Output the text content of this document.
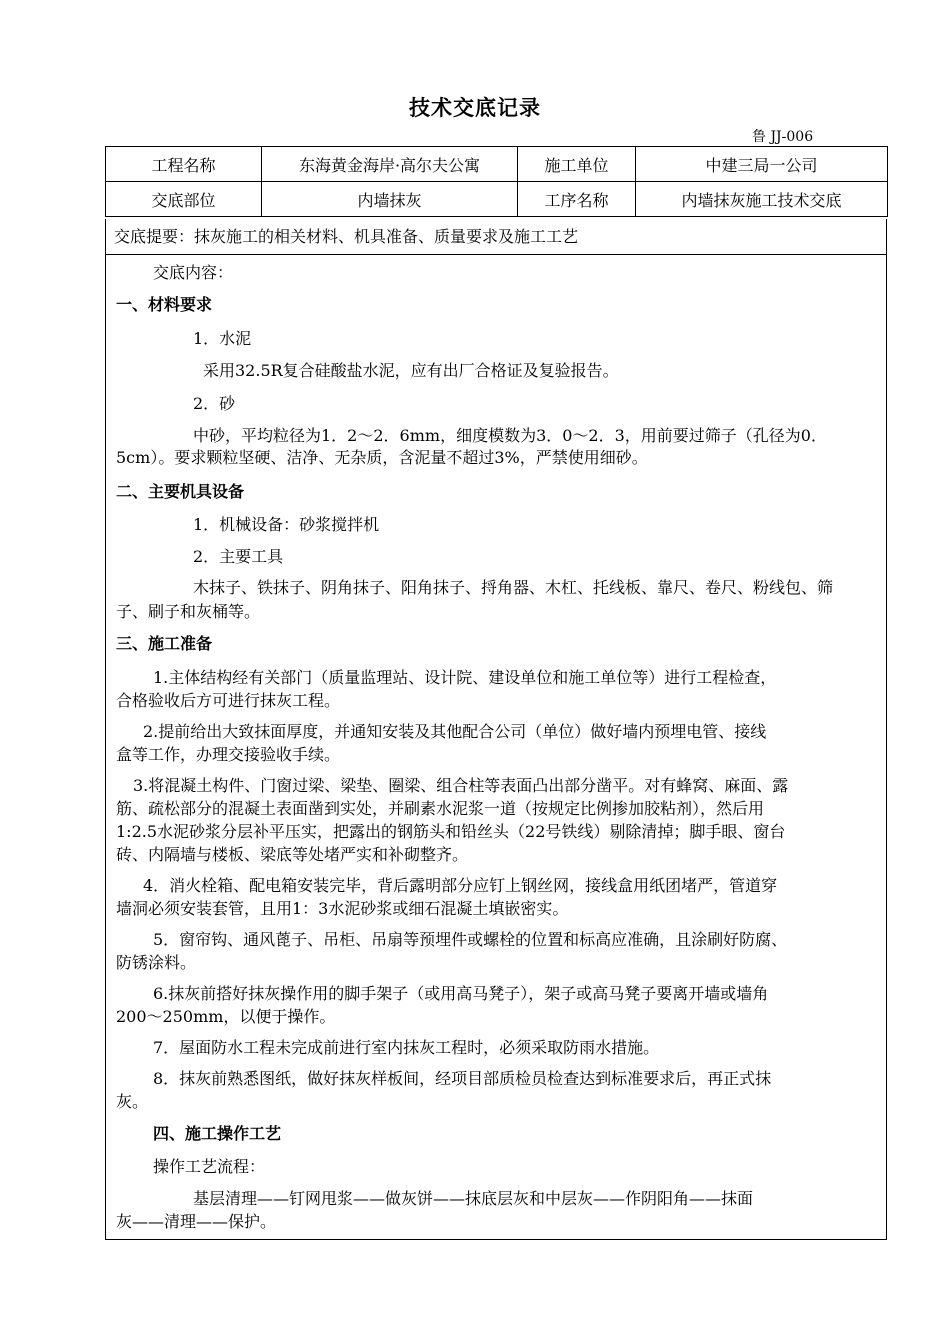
技术交底记录
鲁 JJ-006
工程名称	东海黄金海岸·高尔夫公寓	施工单位	中建三局一公司
交底部位	内墙抹灰	工序名称	内墙抹灰施工技术交底
交底提要：抹灰施工的相关材料、机具准备、质量要求及施工工艺
交底内容：
一、材料要求
1．水泥
采用32.5R复合硅酸盐水泥，应有出厂合格证及复验报告。
2．砂
中砂，平均粒径为1．2～2．6mm，细度模数为3．0～2．3，用前要过筛子（孔径为0．
5cm）。要求颗粒坚硬、洁净、无杂质，含泥量不超过3%，严禁使用细砂。
二、主要机具设备
1．机械设备：砂浆搅拌机
2．主要工具
木抹子、铁抹子、阴角抹子、阳角抹子、捋角器、木杠、托线板、靠尺、卷尺、粉线包、筛
子、刷子和灰桶等。
三、施工准备
1.主体结构经有关部门（质量监理站、设计院、建设单位和施工单位等）进行工程检查，
合格验收后方可进行抹灰工程。
2.提前给出大致抹面厚度，并通知安装及其他配合公司（单位）做好墙内预埋电管、接线
盒等工作，办理交接验收手续。
3.将混凝土构件、门窗过梁、梁垫、圈梁、组合柱等表面凸出部分凿平。对有蜂窝、麻面、露
筋、疏松部分的混凝土表面凿到实处，并刷素水泥浆一道（按规定比例掺加胶粘剂），然后用
1:2.5水泥砂浆分层补平压实，把露出的钢筋头和铅丝头（22号铁线）剔除清掉；脚手眼、窗台
砖、内隔墙与楼板、梁底等处堵严实和补砌整齐。
4．消火栓箱、配电箱安装完毕，背后露明部分应钉上钢丝网，接线盒用纸团堵严，管道穿
墙洞必须安装套管，且用1：3水泥砂浆或细石混凝土填嵌密实。
5．窗帘钩、通风蓖子、吊柜、吊扇等预埋件或螺栓的位置和标高应准确，且涂刷好防腐、
防锈涂料。
6.抹灰前搭好抹灰操作用的脚手架子（或用高马凳子），架子或高马凳子要离开墙或墙角
200～250mm，以便于操作。
7．屋面防水工程未完成前进行室内抹灰工程时，必须采取防雨水措施。
8．抹灰前熟悉图纸，做好抹灰样板间，经项目部质检员检查达到标准要求后，再正式抹
灰。
四、施工操作工艺
操作工艺流程：
基层清理——钉网甩浆——做灰饼——抹底层灰和中层灰——作阴阳角——抹面
灰——清理——保护。
